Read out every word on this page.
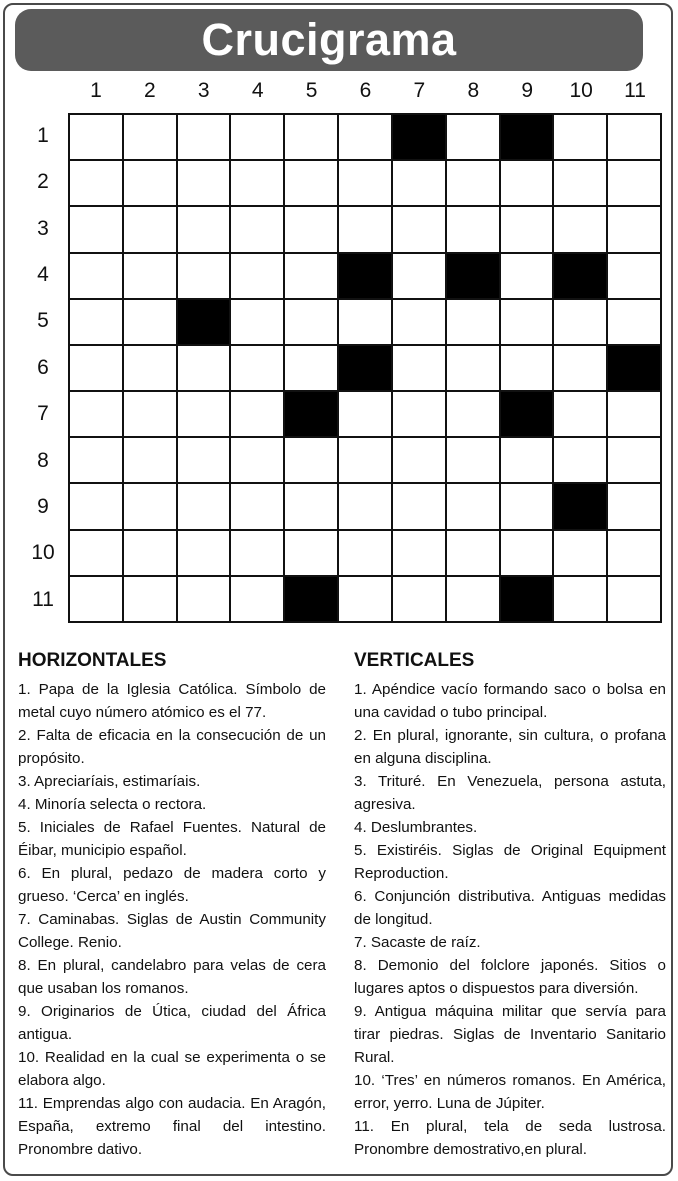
Crucigrama
1	2	3	4	5	6	7	8	9	10	11
1
2
3
4
5
6
7
8
9
10
11
HORIZONTALES

1. Papa de la Iglesia Católica. Símbolo de metal cuyo número atómico es el 77.

2. Falta de eficacia en la consecución de un propósito.

3. Apreciaríais, estimaríais.

4. Minoría selecta o rectora.

5. Iniciales de Rafael Fuentes. Natural de Éibar, municipio español.

6. En plural, pedazo de madera corto y grueso. ‘Cerca’ en inglés.

7. Caminabas. Siglas de Austin Community College. Renio.

8. En plural, candelabro para velas de cera que usaban los romanos.

9. Originarios de Útica, ciudad del África antigua.

10. Realidad en la cual se experimenta o se elabora algo.

11. Emprendas algo con audacia. En Aragón, España, extremo final del intestino. Pronombre dativo.

VERTICALES

1. Apéndice vacío formando saco o bolsa en una cavidad o tubo principal.

2. En plural, ignorante, sin cultura, o profana en alguna disciplina.

3. Trituré. En Venezuela, persona astuta, agresiva.

4. Deslumbrantes.

5. Existiréis. Siglas de Original Equipment Reproduction.

6. Conjunción distributiva. Antiguas medidas de longitud.

7. Sacaste de raíz.

8. Demonio del folclore japonés. Sitios o lugares aptos o dispuestos para diversión.

9. Antigua máquina militar que servía para tirar piedras. Siglas de Inventario Sanitario Rural.

10. ‘Tres’ en números romanos. En América, error, yerro. Luna de Júpiter.

11. En plural, tela de seda lustrosa. Pronombre demostrativo,en plural.
